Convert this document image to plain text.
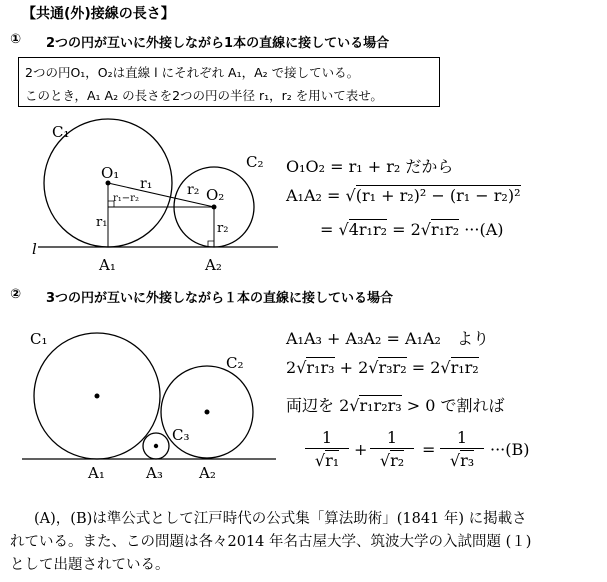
【共通(外)接線の長さ】
① 2つの円が互いに外接しながら1本の直線に接している場合
2つの円O₁，O₂は直線 l にそれぞれ A₁，A₂ で接している。
このとき，A₁ A₂ の長さを2つの円の半径 r₁，r₂ を用いて表せ。
C₁
C₂
O₁
O₂
r₁ r₂
r₁	r₂
r₁−r₂
l
A₁	A₂
O₁O₂ = r₁ + r₂ だから
A₁A₂ = √(r₁ + r₂)² − (r₁ − r₂)²
= √4r₁r₂ = 2√r₁r₂ ···(A)
② 3つの円が互いに外接しながら１本の直線に接している場合
C₁
C₂
C₃
A₁	A₃ A₂
A₁A₃ + A₃A₂ = A₁A₂　より
2√r₁r₃ + 2√r₃r₂ = 2√r₁r₂
両辺を 2√r₁r₂r₃ > 0 で割れば
$\frac{1}{\text{√r₁}} + \frac{1}{\text{√r₂}} = \frac{1}{\text{√r₃}} \cdot\cdot\cdot(B)$
(A)，(B)は準公式として江戸時代の公式集「算法助術」(1841 年) に掲載さ
れている。また、この問題は各々2014 年名古屋大学、筑波大学の入試問題 (１)
として出題されている。
